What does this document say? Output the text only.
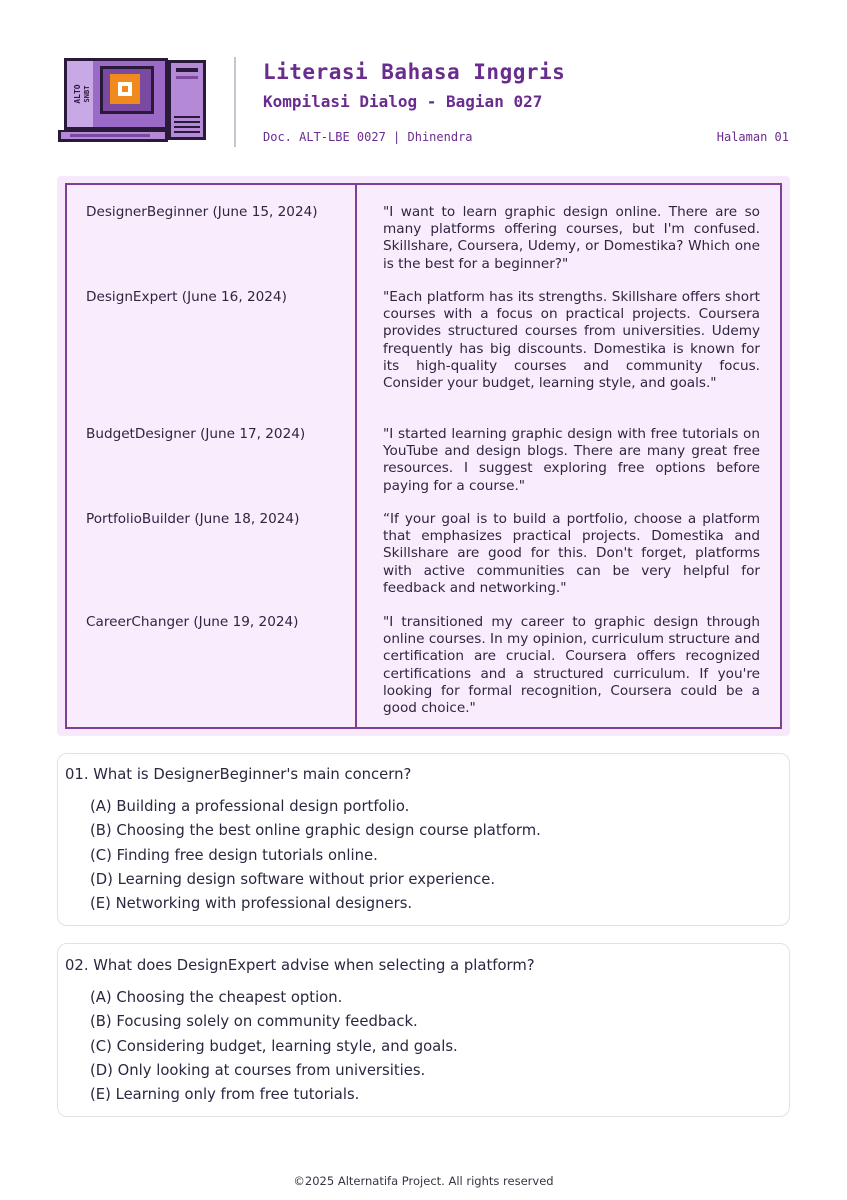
ALTO SNBT
Literasi Bahasa Inggris
Kompilasi Dialog - Bagian 027
Doc. ALT-LBE 0027 | Dhinendra	Halaman 01
DesignerBeginner (June 15, 2024)	"I want to learn graphic design online. There are so many platforms offering courses, but I'm confused. Skillshare, Coursera, Udemy, or Domestika? Which one is the best for a beginner?"
DesignExpert (June 16, 2024)	"Each platform has its strengths. Skillshare offers short courses with a focus on practical projects. Coursera provides structured courses from universities. Udemy frequently has big discounts. Domestika is known for its high-quality courses and community focus. Consider your budget, learning style, and goals."
BudgetDesigner (June 17, 2024)	"I started learning graphic design with free tutorials on YouTube and design blogs. There are many great free resources. I suggest exploring free options before paying for a course."
PortfolioBuilder (June 18, 2024)	“If your goal is to build a portfolio, choose a platform that emphasizes practical projects. Domestika and Skillshare are good for this. Don't forget, platforms with active communities can be very helpful for feedback and networking."
CareerChanger (June 19, 2024)	"I transitioned my career to graphic design through online courses. In my opinion, curriculum structure and certification are crucial. Coursera offers recognized certifications and a structured curriculum. If you're looking for formal recognition, Coursera could be a good choice."
01. What is DesignerBeginner's main concern?
(A) Building a professional design portfolio.
(B) Choosing the best online graphic design course platform.
(C) Finding free design tutorials online.
(D) Learning design software without prior experience.
(E) Networking with professional designers.
02. What does DesignExpert advise when selecting a platform?
(A) Choosing the cheapest option.
(B) Focusing solely on community feedback.
(C) Considering budget, learning style, and goals.
(D) Only looking at courses from universities.
(E) Learning only from free tutorials.
©2025 Alternatifa Project. All rights reserved
